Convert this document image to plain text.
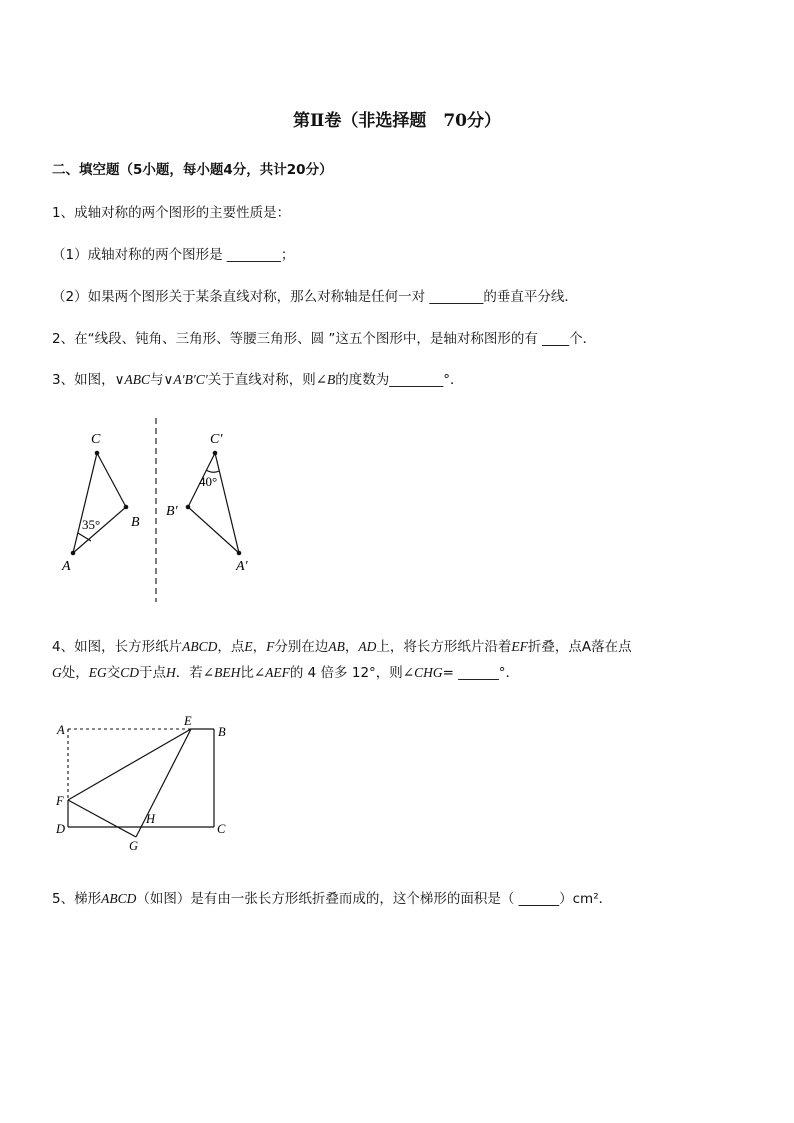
第Ⅱ卷（非选择题　70分）
二、填空题（5小题，每小题4分，共计20分）
1、成轴对称的两个图形的主要性质是：
（1）成轴对称的两个图形是 ________；
（2）如果两个图形关于某条直线对称，那么对称轴是任何一对 ________的垂直平分线．
2、在“线段、钝角、三角形、等腰三角形、圆 ”这五个图形中，是轴对称图形的有 ____个．
3、如图，∨ABC与∨A′B′C′关于直线对称，则∠B的度数为________°．
C
B
A
35°
C′
B′
A′
40°
4、如图，长方形纸片ABCD，点E，F分别在边AB，AD上，将长方形纸片沿着EF折叠，点A落在点
G处，EG交CD于点H．若∠BEH比∠AEF的 4 倍多 12°，则∠CHG= ______°．
A
E
B
F
D
H
C
G
5、梯形ABCD（如图）是有由一张长方形纸折叠而成的，这个梯形的面积是（ ______）cm²．
